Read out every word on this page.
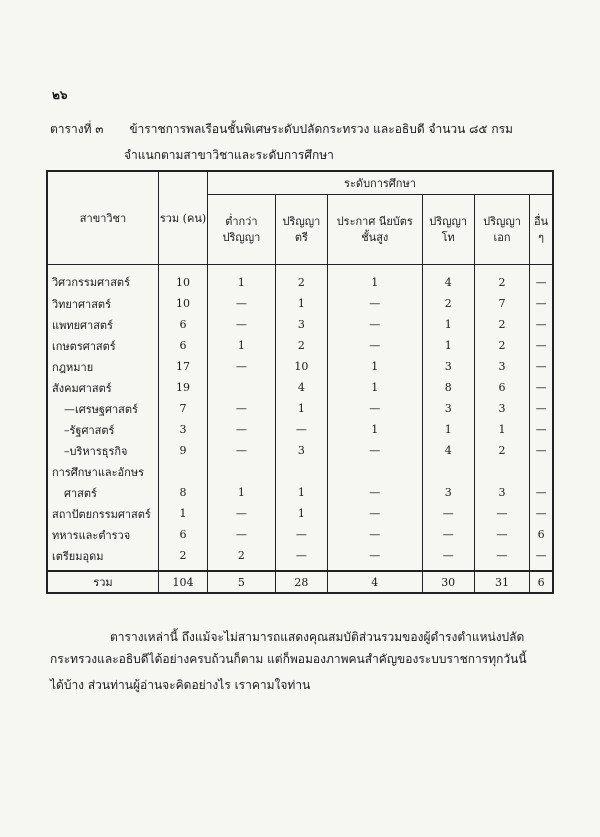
๒๖
ตารางที่ ๓ ข้าราชการพลเรือนชั้นพิเศษระดับปลัดกระทรวง และอธิบดี จำนวน ๘๕ กรม
จำแนกตามสาขาวิชาและระดับการศึกษา
สาขาวิชา	รวม (คน)	ระดับการศึกษา					
		ต่ำกว่า ปริญญา	ปริญญา ตรี	ประกาศ นียบัตร ชั้นสูง	ปริญญา โท	ปริญญา เอก	อื่น ๆ
วิศวกรรมศาสตร์	10	1	2	1	4	2	—
วิทยาศาสตร์	10	—	1	—	2	7	—
แพทยศาสตร์	6	—	3	—	1	2	—
เกษตรศาสตร์	6	1	2	—	1	2	—
กฎหมาย	17	—	10	1	3	3	—
สังคมศาสตร์	19		4	1	8	6	—
—เศรษฐศาสตร์	7	—	1	—	3	3	—
–รัฐศาสตร์	3	—	—	1	1	1	—
–บริหารธุรกิจ	9	—	3	—	4	2	—
การศึกษาและอักษร							
ศาสตร์	8	1	1	—	3	3	—
สถาปัตยกรรมศาสตร์	1	—	1	—	—	—	—
ทหารและตำรวจ	6	—	—	—	—	—	6
เตรียมอุดม	2	2	—	—	—	—	—
รวม	104	5	28	4	30	31	6
ตารางเหล่านี้ ถึงแม้จะไม่สามารถแสดงคุณสมบัติส่วนรวมของผู้ดำรงตำแหน่งปลัด
กระทรวงและอธิบดีได้อย่างครบถ้วนก็ตาม แต่ก็พอมองภาพคนสำคัญของระบบราชการทุกวันนี้
ได้บ้าง ส่วนท่านผู้อ่านจะคิดอย่างไร เราคามใจท่าน
